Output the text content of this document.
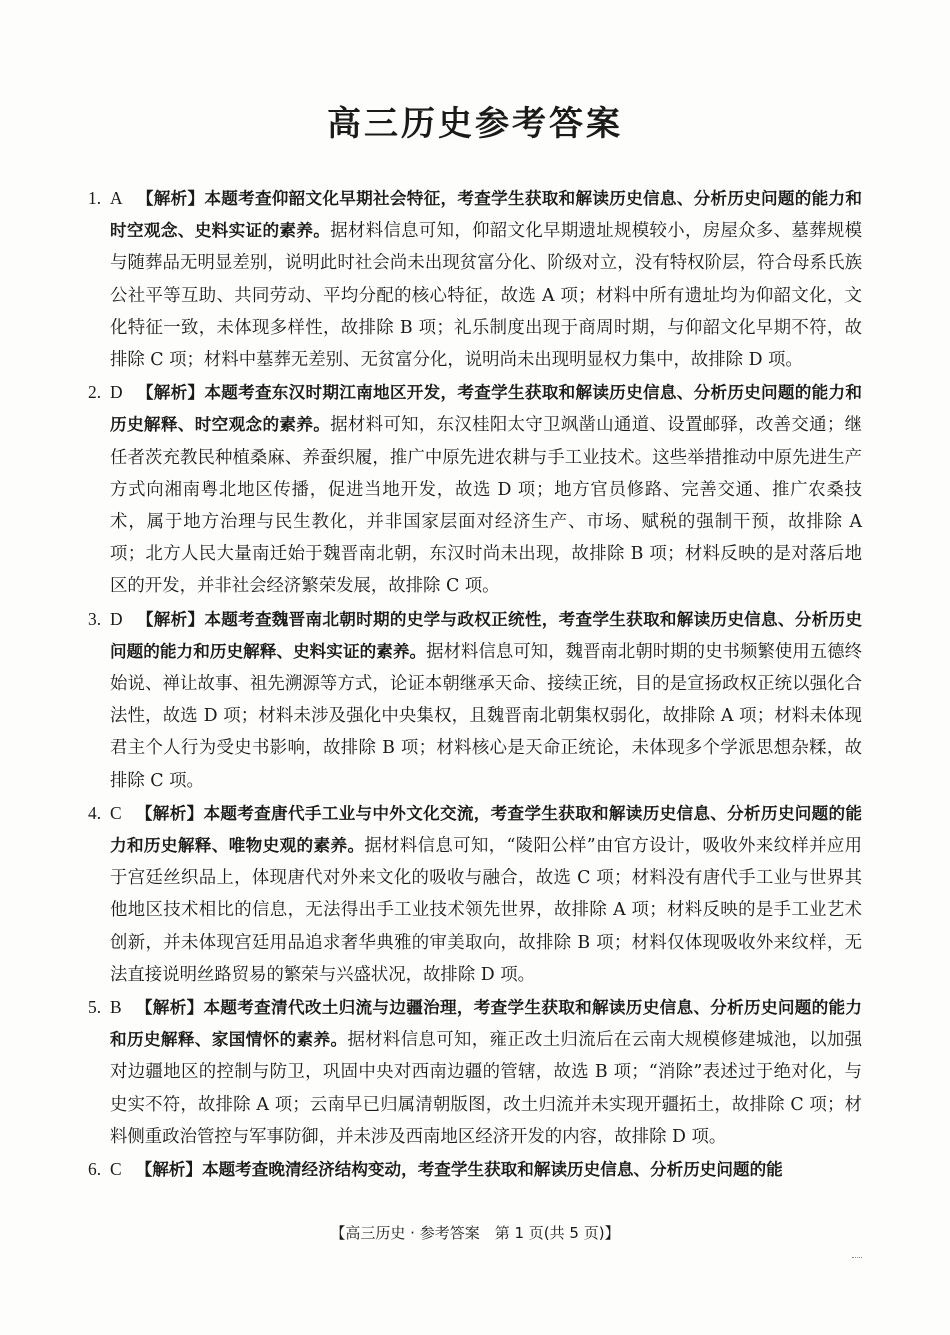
高三历史参考答案
1. A 【解析】本题考查仰韶文化早期社会特征，考查学生获取和解读历史信息、分析历史问题的能力和时空观念、史料实证的素养。据材料信息可知，仰韶文化早期遗址规模较小，房屋众多、墓葬规模与随葬品无明显差别，说明此时社会尚未出现贫富分化、阶级对立，没有特权阶层，符合母系氏族公社平等互助、共同劳动、平均分配的核心特征，故选 A 项；材料中所有遗址均为仰韶文化，文化特征一致，未体现多样性，故排除 B 项；礼乐制度出现于商周时期，与仰韶文化早期不符，故排除 C 项；材料中墓葬无差别、无贫富分化，说明尚未出现明显权力集中，故排除 D 项。
2. D 【解析】本题考查东汉时期江南地区开发，考查学生获取和解读历史信息、分析历史问题的能力和历史解释、时空观念的素养。据材料可知，东汉桂阳太守卫飒凿山通道、设置邮驿，改善交通；继任者茨充教民种植桑麻、养蚕织履，推广中原先进农耕与手工业技术。这些举措推动中原先进生产方式向湘南粤北地区传播，促进当地开发，故选 D 项；地方官员修路、完善交通、推广农桑技术，属于地方治理与民生教化，并非国家层面对经济生产、市场、赋税的强制干预，故排除 A 项；北方人民大量南迁始于魏晋南北朝，东汉时尚未出现，故排除 B 项；材料反映的是对落后地区的开发，并非社会经济繁荣发展，故排除 C 项。
3. D 【解析】本题考查魏晋南北朝时期的史学与政权正统性，考查学生获取和解读历史信息、分析历史问题的能力和历史解释、史料实证的素养。据材料信息可知，魏晋南北朝时期的史书频繁使用五德终始说、禅让故事、祖先溯源等方式，论证本朝继承天命、接续正统，目的是宣扬政权正统以强化合法性，故选 D 项；材料未涉及强化中央集权，且魏晋南北朝集权弱化，故排除 A 项；材料未体现君主个人行为受史书影响，故排除 B 项；材料核心是天命正统论，未体现多个学派思想杂糅，故排除 C 项。
4. C 【解析】本题考查唐代手工业与中外文化交流，考查学生获取和解读历史信息、分析历史问题的能力和历史解释、唯物史观的素养。据材料信息可知，“陵阳公样”由官方设计，吸收外来纹样并应用于宫廷丝织品上，体现唐代对外来文化的吸收与融合，故选 C 项；材料没有唐代手工业与世界其他地区技术相比的信息，无法得出手工业技术领先世界，故排除 A 项；材料反映的是手工业艺术创新，并未体现宫廷用品追求奢华典雅的审美取向，故排除 B 项；材料仅体现吸收外来纹样，无法直接说明丝路贸易的繁荣与兴盛状况，故排除 D 项。
5. B 【解析】本题考查清代改土归流与边疆治理，考查学生获取和解读历史信息、分析历史问题的能力和历史解释、家国情怀的素养。据材料信息可知，雍正改土归流后在云南大规模修建城池，以加强对边疆地区的控制与防卫，巩固中央对西南边疆的管辖，故选 B 项；“消除”表述过于绝对化，与史实不符，故排除 A 项；云南早已归属清朝版图，改土归流并未实现开疆拓土，故排除 C 项；材料侧重政治管控与军事防御，并未涉及西南地区经济开发的内容，故排除 D 项。
6. C 【解析】本题考查晚清经济结构变动，考查学生获取和解读历史信息、分析历史问题的能
【高三历史 · 参考答案　第 1 页(共 5 页)】
